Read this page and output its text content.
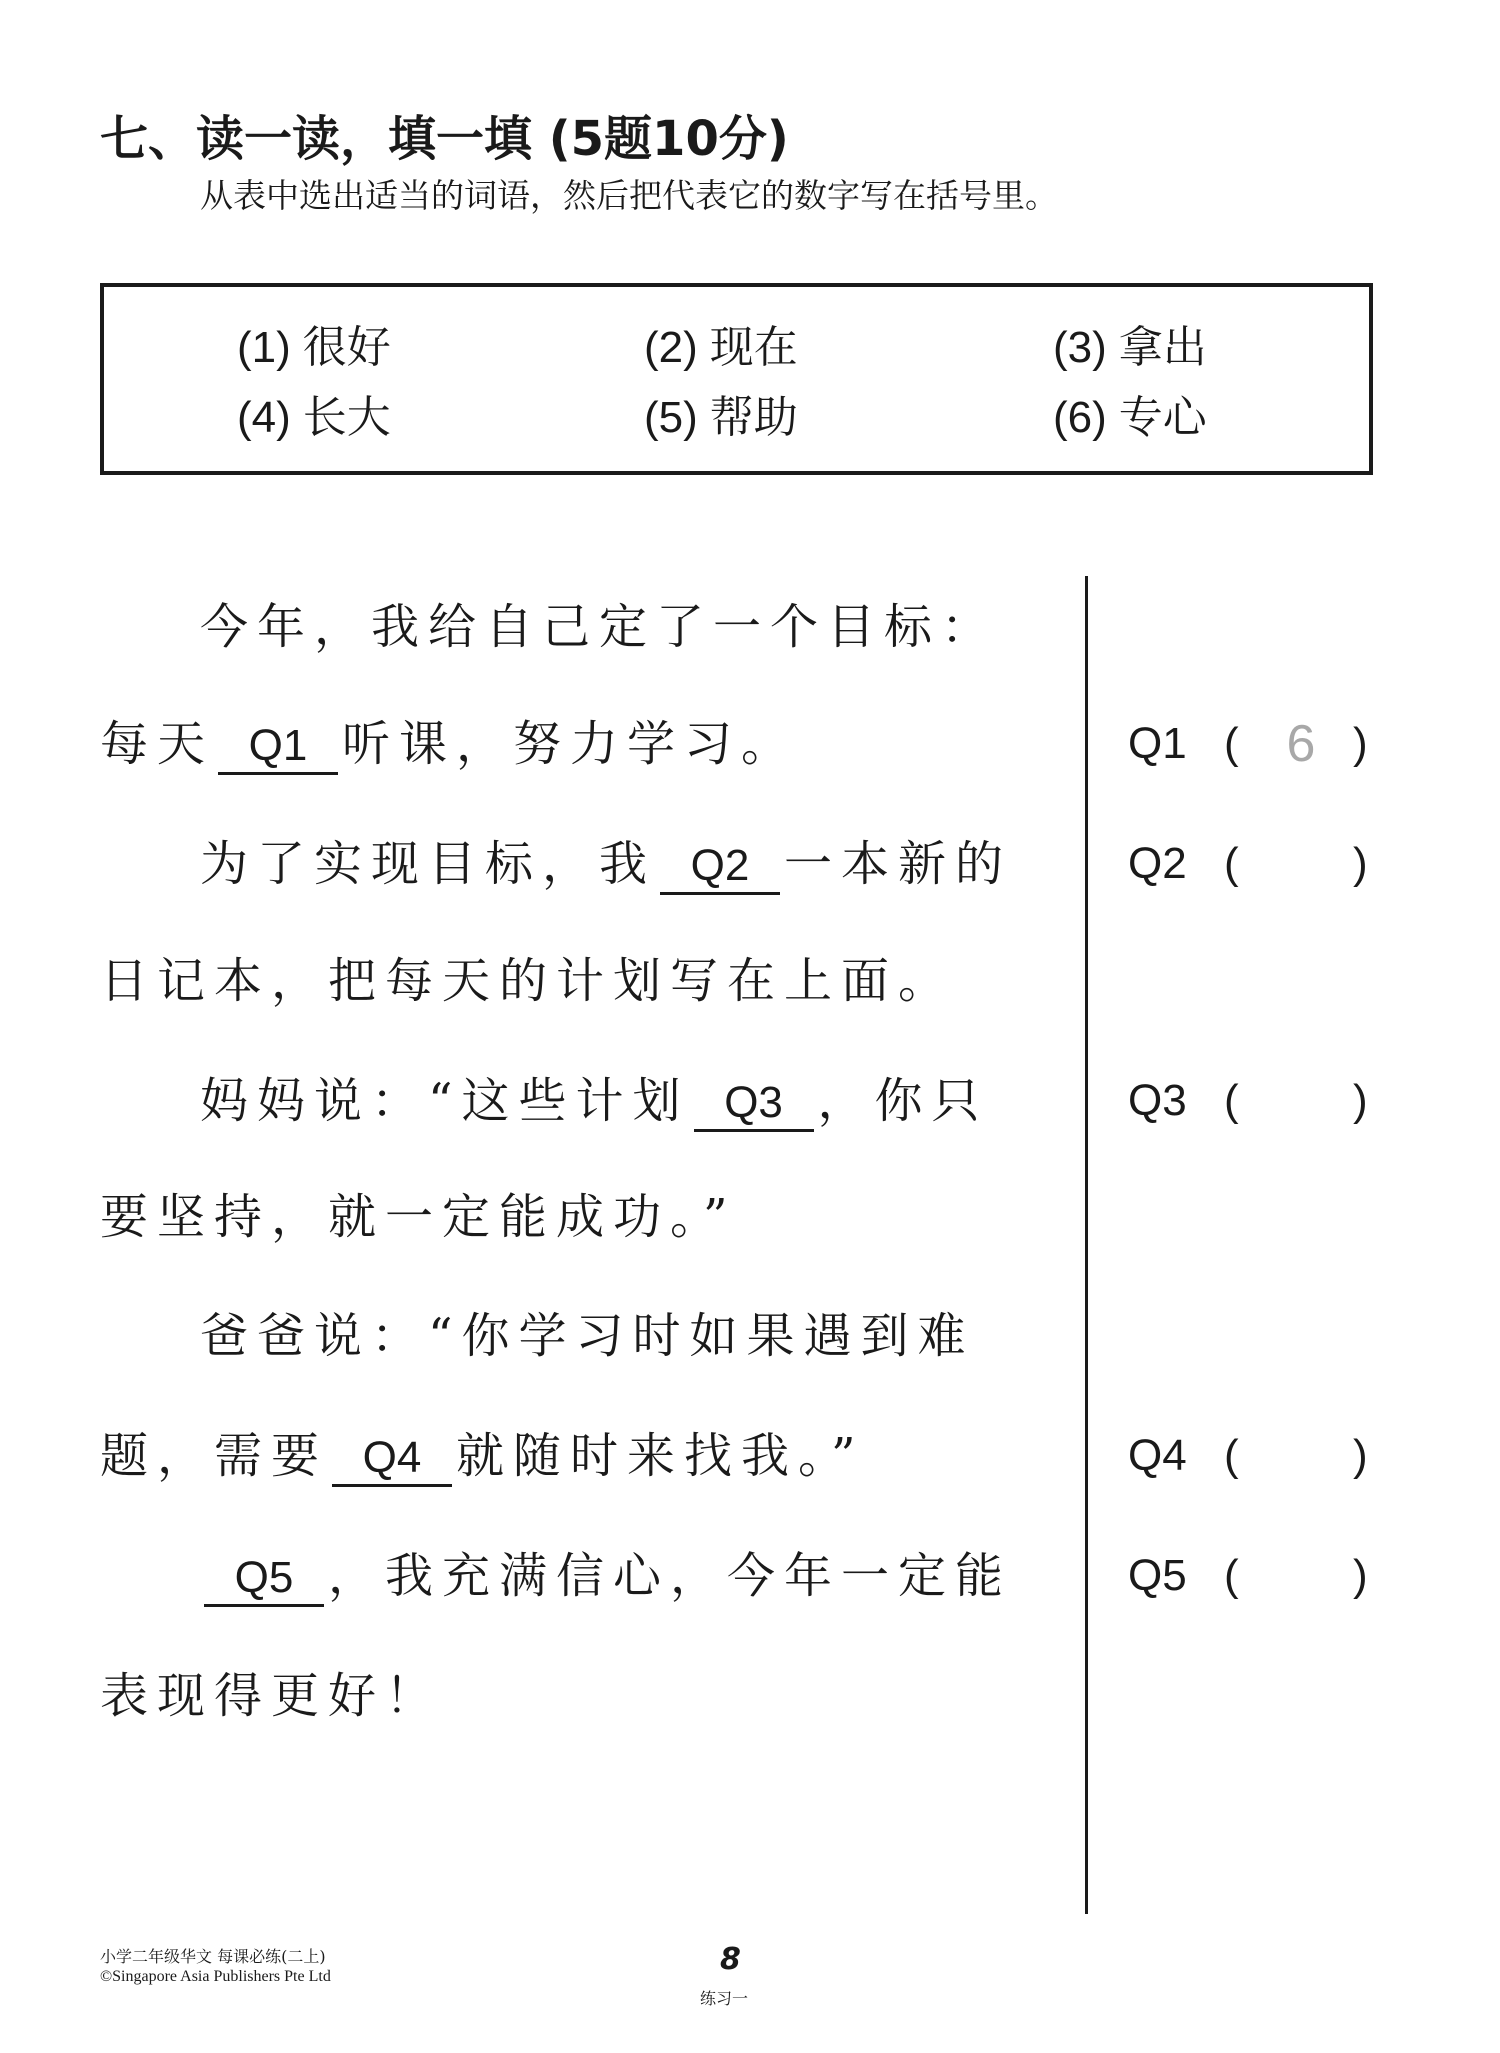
七、读一读，填一填 (5题10分)
从表中选出适当的词语，然后把代表它的数字写在括号里。
(1) 很好	(2) 现在	(3) 拿出
(4) 长大	(5) 帮助	(6) 专心
今年，我给自己定了一个目标：
每天 Q1 听课，努力学习。
为了实现目标，我 Q2 一本新的
日记本，把每天的计划写在上面。
妈妈说：“这些计划 Q3 ，你只
要坚持，就一定能成功。”
爸爸说：“你学习时如果遇到难
题，需要 Q4 就随时来找我。”
Q5 ，我充满信心，今年一定能
表现得更好！
Q1 ( 6 )
Q2 (	)
Q3 (	)
Q4 (	)
Q5 (	)
小学二年级华文 每课必练(二上)
©Singapore Asia Publishers Pte Ltd	8
练习一
